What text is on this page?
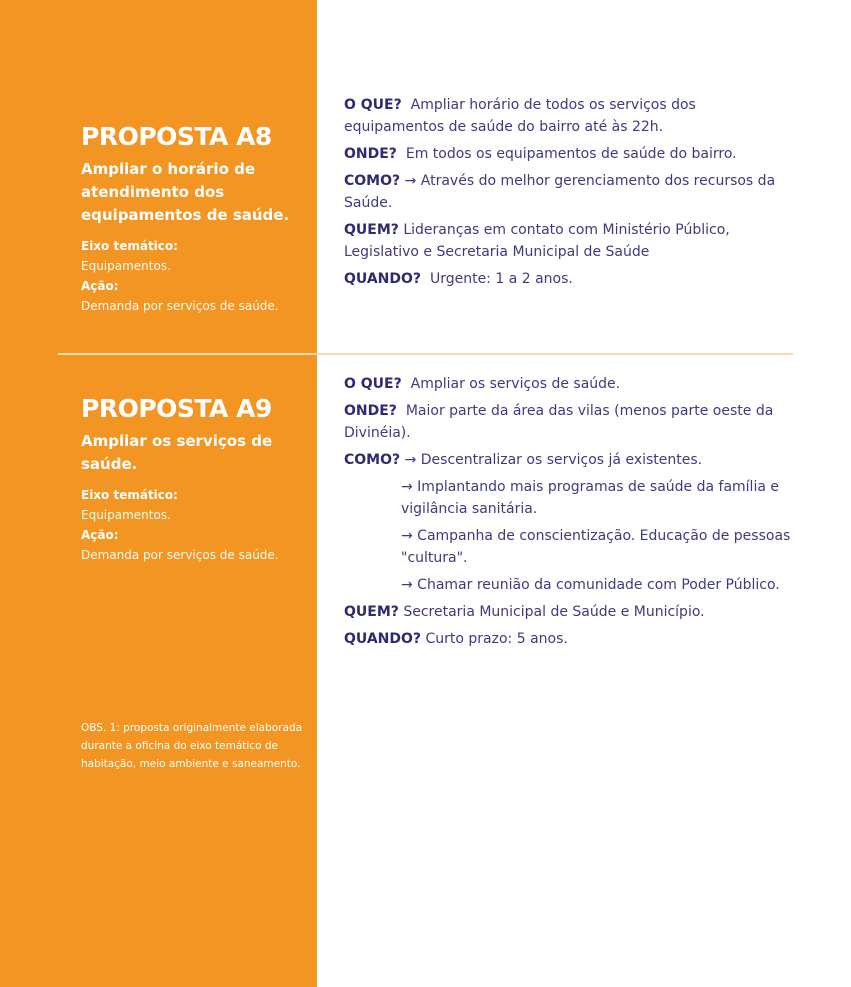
PROPOSTA A8
Ampliar o horário de atendimento dos equipamentos de saúde.
Eixo temático:
Equipamentos.
Ação:
Demanda por serviços de saúde.
PROPOSTA A9
Ampliar os serviços de saúde.
Eixo temático:
Equipamentos.
Ação:
Demanda por serviços de saúde.
OBS. 1: proposta originalmente elaborada durante a oficina do eixo temático de habitação, meio ambiente e saneamento.

O QUE? Ampliar horário de todos os serviços dos equipamentos de saúde do bairro até às 22h.

ONDE? Em todos os equipamentos de saúde do bairro.

COMO? → Através do melhor gerenciamento dos recursos da Saúde.

QUEM? Lideranças em contato com Ministério Público, Legislativo e Secretaria Municipal de Saúde

QUANDO? Urgente: 1 a 2 anos.

O QUE? Ampliar os serviços de saúde.

ONDE? Maior parte da área das vilas (menos parte oeste da Divinéia).

COMO? → Descentralizar os serviços já existentes.

→ Implantando mais programas de saúde da família e vigilância sanitária.

→ Campanha de conscientização. Educação de pessoas "cultura".

→ Chamar reunião da comunidade com Poder Público.

QUEM? Secretaria Municipal de Saúde e Município.

QUANDO? Curto prazo: 5 anos.
